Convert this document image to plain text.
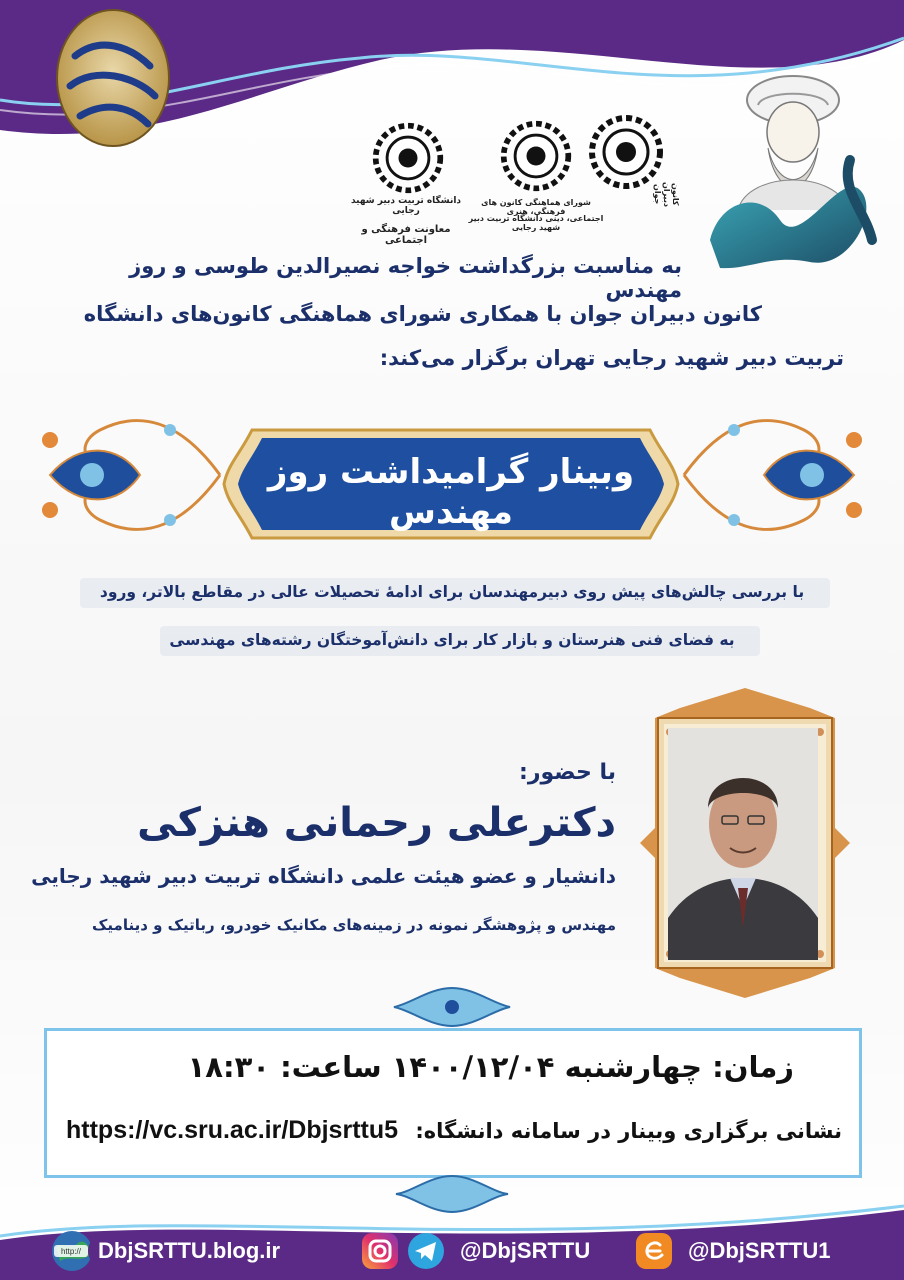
کانون دبیران جوان
شورای هماهنگی کانون های فرهنگی، هنری
اجتماعی، دینی دانشگاه تربیت دبیر شهید رجایی
دانشگاه تربیت دبیر شهید رجایی
معاونت فرهنگی و اجتماعی
به مناسبت بزرگداشت خواجه نصیرالدین طوسی و روز مهندس
کانون دبیران جوان با همکاری شورای هماهنگی کانون‌های دانشگاه
تربیت دبیر شهید رجایی تهران برگزار می‌کند:
وبینار گرامیداشت روز مهندس
با بررسی چالش‌های پیش روی دبیرمهندسان برای ادامهٔ تحصیلات عالی در مقاطع بالاتر، ورود
به فضای فنی هنرستان و بازار کار برای دانش‌آموختگان رشته‌های مهندسی
با حضور:
دکترعلی رحمانی هنزکی
دانشیار و عضو هیئت علمی دانشگاه تربیت دبیر شهید رجایی
مهندس و پژوهشگر نمونه در زمینه‌های مکانیک خودرو، رباتیک و دینامیک
زمان: چهارشنبه ۱۴۰۰/۱۲/۰۴ ساعت: ۱۸:۳۰
نشانی برگزاری وبینار در سامانه دانشگاه:
https://vc.sru.ac.ir/Dbjsrttu5
http:// DbjSRTTU.blog.ir	@DbjSRTTU	@DbjSRTTU1
